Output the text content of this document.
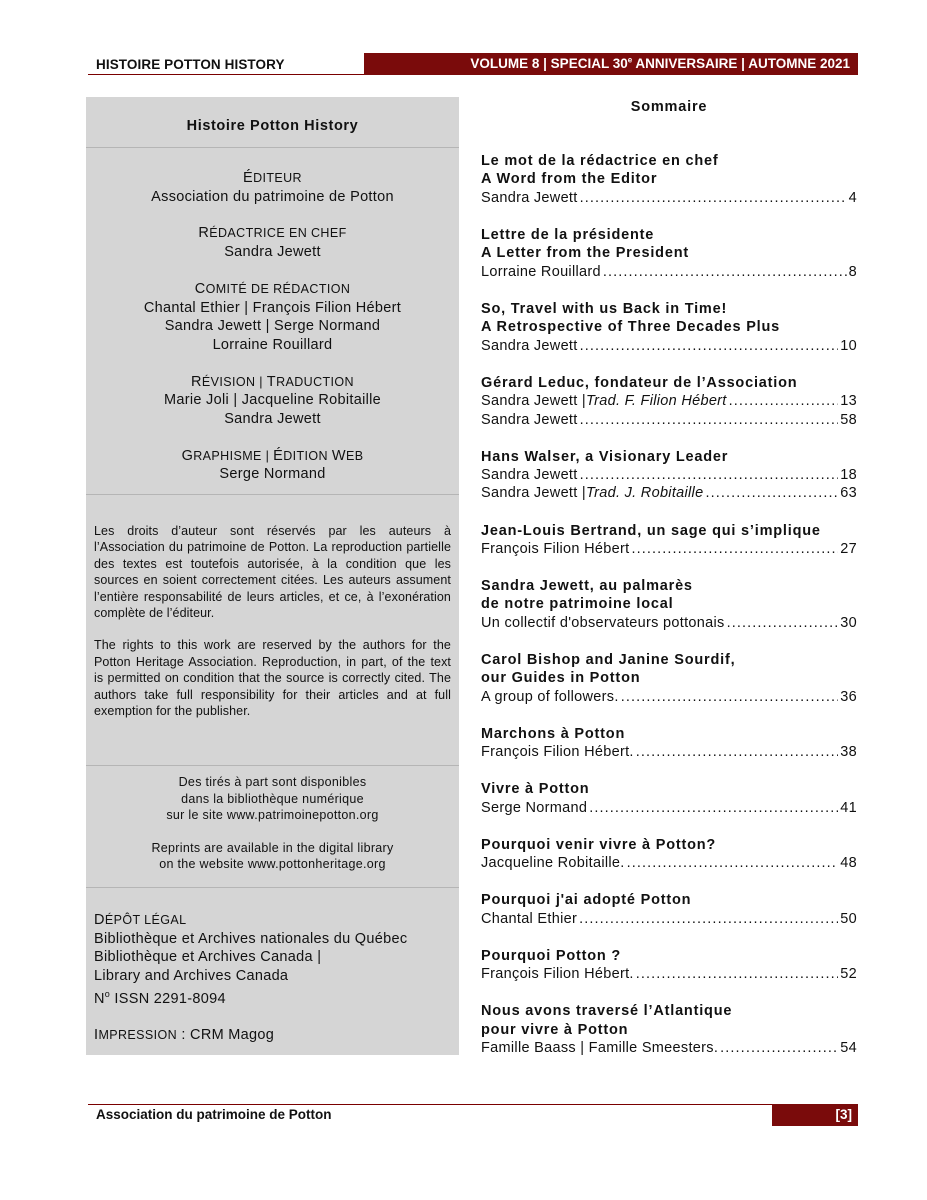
HISTOIRE POTTON HISTORY	VOLUME 8 | SPECIAL 30e ANNIVERSAIRE | AUTOMNE 2021
Histoire Potton History
ÉDITEUR
Association du patrimoine de Potton
RÉDACTRICE EN CHEF
Sandra Jewett
COMITÉ DE RÉDACTION
Chantal Ethier | François Filion Hébert
Sandra Jewett | Serge Normand
Lorraine Rouillard
RÉVISION | TRADUCTION
Marie Joli | Jacqueline Robitaille
Sandra Jewett
GRAPHISME | ÉDITION WEB
Serge Normand

Les droits d’auteur sont réservés par les auteurs à l’Association du patrimoine de Potton. La reproduction partielle des textes est toutefois autorisée, à la condition que les sources en soient correctement citées. Les auteurs assument l’entière responsabilité de leurs articles, et ce, à l’exonération complète de l’éditeur.

The rights to this work are reserved by the authors for the Potton Heritage Association. Reproduction, in part, of the text is permitted on condition that the source is correctly cited. The authors take full responsibility for their articles and at full exemption for the publisher.

Des tirés à part sont disponibles
dans la bibliothèque numérique
sur le site www.patrimoinepotton.org

Reprints are available in the digital library
on the website www.pottonheritage.org

DÉPÔT LÉGAL
Bibliothèque et Archives nationales du Québec
Bibliothèque et Archives Canada |
Library and Archives Canada
$N^o$ ISSN 2291-8094
IMPRESSION : CRM Magog
Sommaire
Le mot de la rédactrice en chef
A Word from the Editor
Sandra Jewett .....	4
Lettre de la présidente
A Letter from the President
Lorraine Rouillard .....	8
So, Travel with us Back in Time!
A Retrospective of Three Decades Plus
Sandra Jewett .....	10
Gérard Leduc, fondateur de l’Association
Sandra Jewett | Trad. F. Filion Hébert .....	13
Sandra Jewett .....	58
Hans Walser, a Visionary Leader
Sandra Jewett .....	18
Sandra Jewett | Trad. J. Robitaille .....	63
Jean-Louis Bertrand, un sage qui s’implique
François Filion Hébert .....	27
Sandra Jewett, au palmarès
de notre patrimoine local
Un collectif d'observateurs pottonais .....	30
Carol Bishop and Janine Sourdif,
our Guides in Potton
A group of followers. .....	36
Marchons à Potton
François Filion Hébert. .....	38
Vivre à Potton
Serge Normand .....	41
Pourquoi venir vivre à Potton?
Jacqueline Robitaille. .....	48
Pourquoi j'ai adopté Potton
Chantal Ethier .....	50
Pourquoi Potton ?
François Filion Hébert. .....	52
Nous avons traversé l’Atlantique
pour vivre à Potton
Famille Baass | Famille Smeesters. .....	54
Association du patrimoine de Potton	[3]
